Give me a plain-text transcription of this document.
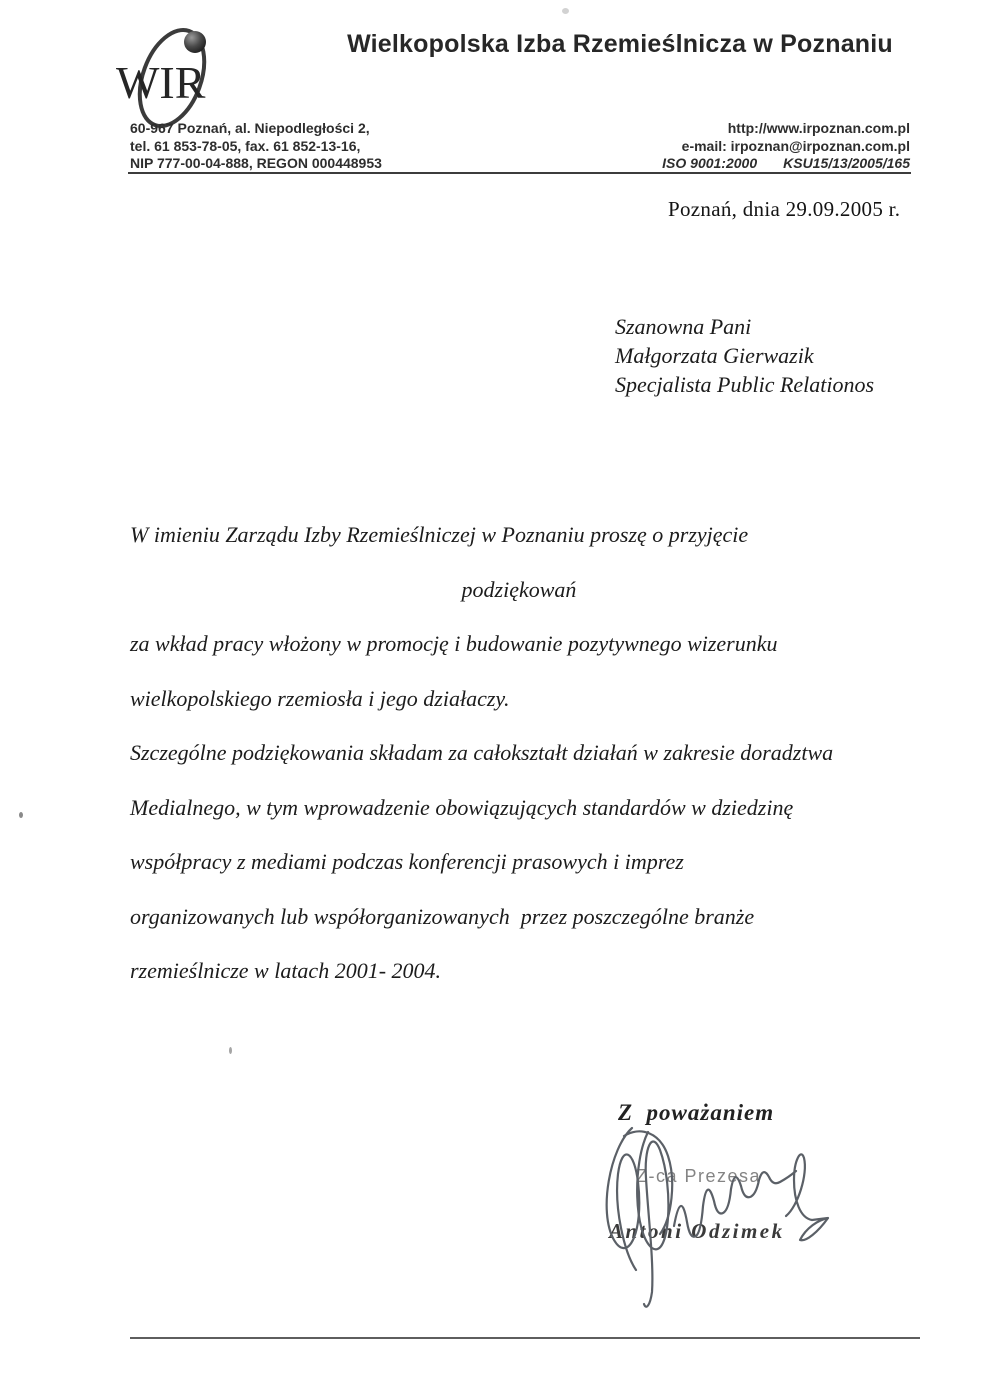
WIR
Wielkopolska Izba Rzemieślnicza w Poznaniu
60-967 Poznań, al. Niepodległości 2,
tel. 61 853-78-05, fax. 61 852-13-16,
NIP 777-00-04-888, REGON 000448953
http://www.irpoznan.com.pl
e-mail: irpoznan@irpoznan.com.pl
ISO 9001:2000 KSU15/13/2005/165
Poznań, dnia 29.09.2005 r.
Szanowna Pani
Małgorzata Gierwazik
Specjalista Public Relationos
W imieniu Zarządu Izby Rzemieślniczej w Poznaniu proszę o przyjęcie
podziękowań
za wkład pracy włożony w promocję i budowanie pozytywnego wizerunku
wielkopolskiego rzemiosła i jego działaczy.
Szczególne podziękowania składam za całokształt działań w zakresie doradztwa
Medialnego, w tym wprowadzenie obowiązujących standardów w dziedzinę
współpracy z mediami podczas konferencji prasowych i imprez
organizowanych lub współorganizowanych  przez poszczególne branże
rzemieślnicze w latach 2001- 2004.
Z  poważaniem
Z-ca Prezesa
Antoni Odzimek
